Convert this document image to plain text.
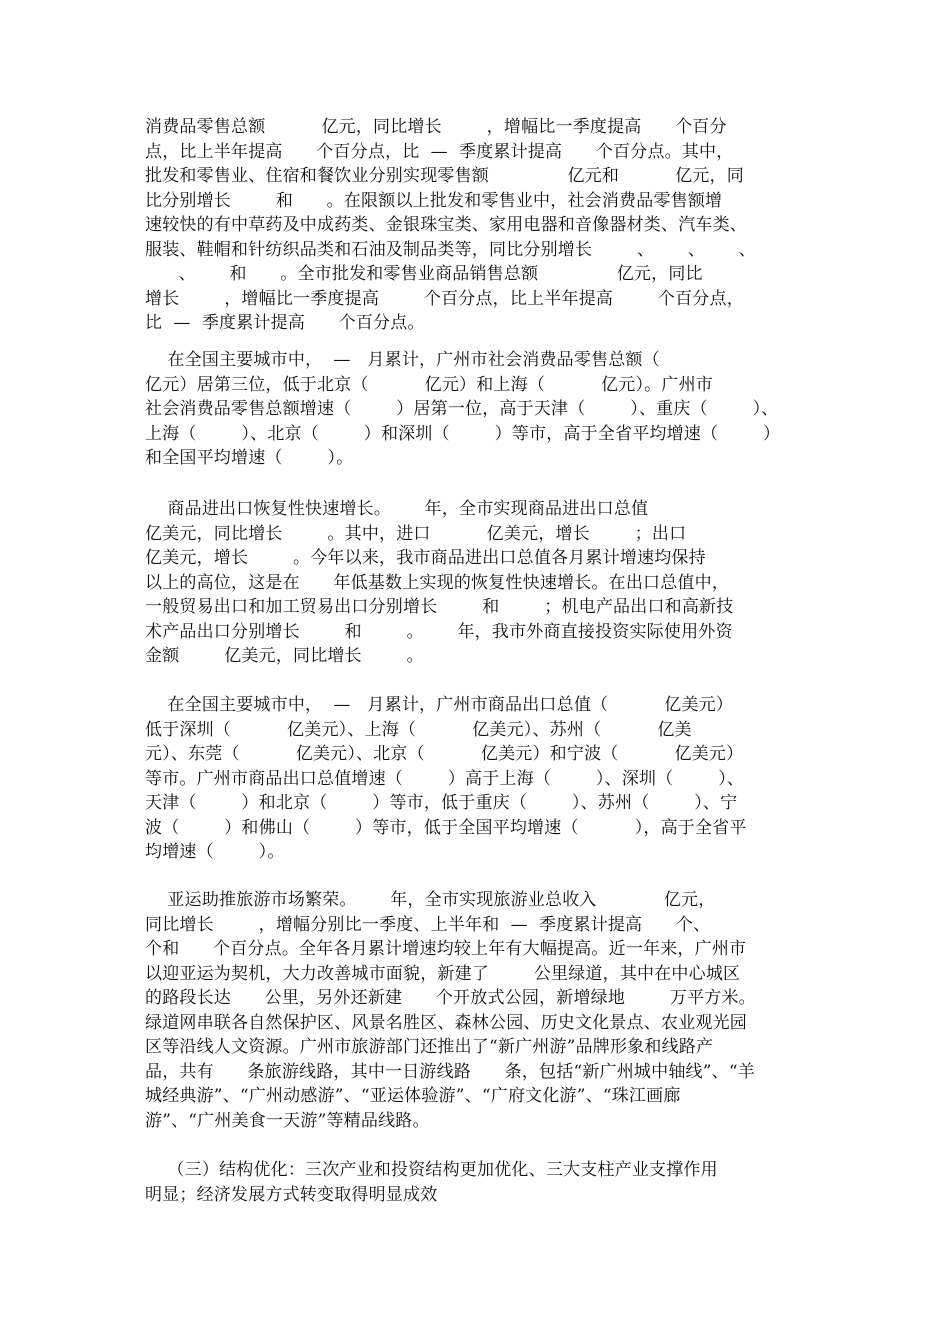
消费品零售总额          亿元，同比增长        ，增幅比一季度提高      个百分
点，比上半年提高      个百分点，比  —  季度累计提高      个百分点。其中，
批发和零售业、住宿和餐饮业分别实现零售额              亿元和          亿元，同
比分别增长        和      。在限额以上批发和零售业中，社会消费品零售额增
速较快的有中草药及中成药类、金银珠宝类、家用电器和音像器材类、汽车类、
服装、鞋帽和针纺织品类和石油及制品类等，同比分别增长        、      、      、
、      和      。全市批发和零售业商品销售总额              亿元，同比
增长        ，增幅比一季度提高        个百分点，比上半年提高        个百分点，
比  —  季度累计提高      个百分点。
在全国主要城市中，  —   月累计，广州市社会消费品零售总额（
亿元）居第三位，低于北京（          亿元）和上海（          亿元）。广州市
社会消费品零售总额增速（        ）居第一位，高于天津（        ）、重庆（        ）、
上海（        ）、北京（        ）和深圳（        ）等市，高于全省平均增速（        ）
和全国平均增速（        ）。
商品进出口恢复性快速增长。      年，全市实现商品进出口总值
亿美元，同比增长        。其中，进口          亿美元，增长        ；出口
亿美元，增长        。今年以来，我市商品进出口总值各月累计增速均保持
以上的高位，这是在      年低基数上实现的恢复性快速增长。在出口总值中，
一般贸易出口和加工贸易出口分别增长        和        ；机电产品出口和高新技
术产品出口分别增长        和        。      年，我市外商直接投资实际使用外资
金额        亿美元，同比增长        。
在全国主要城市中，  —   月累计，广州市商品出口总值（          亿美元）
低于深圳（          亿美元）、上海（          亿美元）、苏州（          亿美
元）、东莞（          亿美元）、北京（          亿美元）和宁波（          亿美元）
等市。广州市商品出口总值增速（        ）高于上海（        ）、深圳（        ）、
天津（        ）和北京（        ）等市，低于重庆（        ）、苏州（        ）、宁
波（        ）和佛山（        ）等市，低于全国平均增速（          ），高于全省平
均增速（        ）。
亚运助推旅游市场繁荣。      年，全市实现旅游业总收入            亿元，
同比增长        ，增幅分别比一季度、上半年和  —  季度累计提高      个、
个和      个百分点。全年各月累计增速均较上年有大幅提高。近一年来，广州市
以迎亚运为契机，大力改善城市面貌，新建了        公里绿道，其中在中心城区
的路段长达      公里，另外还新建      个开放式公园，新增绿地        万平方米。
绿道网串联各自然保护区、风景名胜区、森林公园、历史文化景点、农业观光园
区等沿线人文资源。广州市旅游部门还推出了“新广州游”品牌形象和线路产
品，共有      条旅游线路，其中一日游线路      条，包括“新广州城中轴线”、“羊
城经典游”、“广州动感游”、“亚运体验游”、“广府文化游”、“珠江画廊
游”、“广州美食一天游”等精品线路。
（三）结构优化：三次产业和投资结构更加优化、三大支柱产业支撑作用
明显；经济发展方式转变取得明显成效
